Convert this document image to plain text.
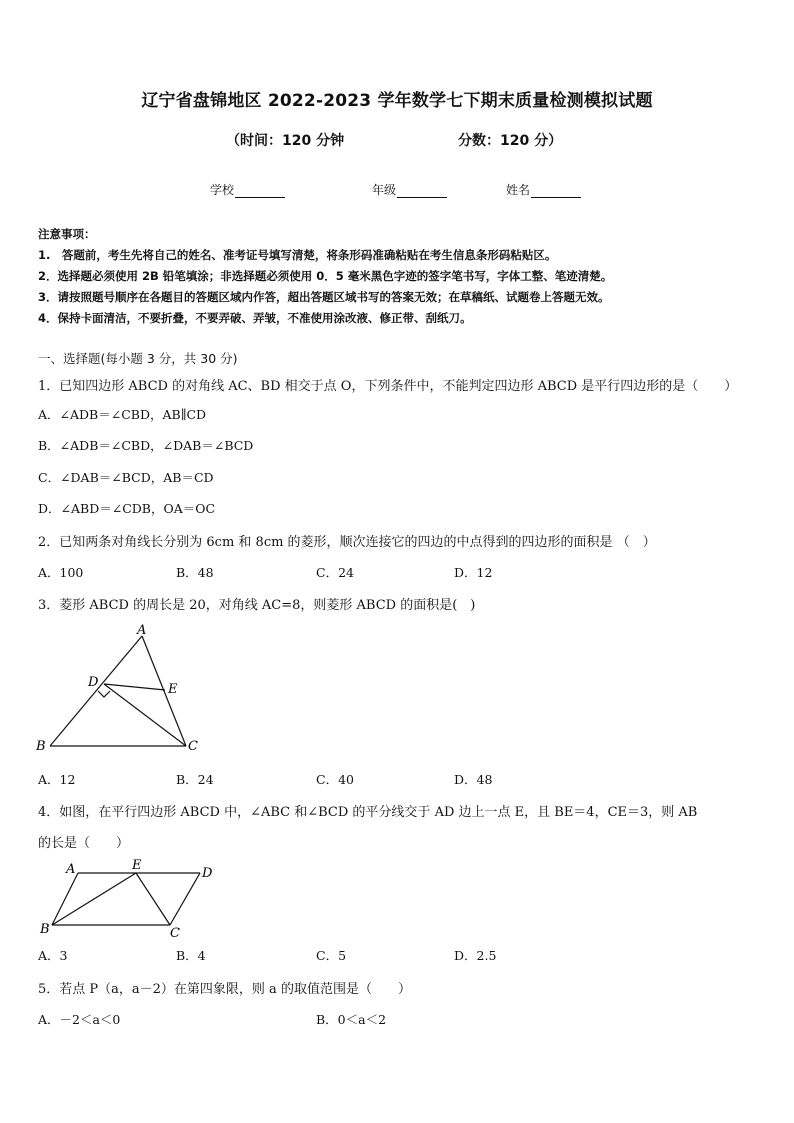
辽宁省盘锦地区 2022-2023 学年数学七下期末质量检测模拟试题
（时间：120 分钟	分数：120 分）
学校	年级	姓名
注意事项：
1.　答题前，考生先将自己的姓名、准考证号填写清楚，将条形码准确粘贴在考生信息条形码粘贴区。
2．选择题必须使用 2B 铅笔填涂；非选择题必须使用 0．5 毫米黑色字迹的签字笔书写，字体工整、笔迹清楚。
3．请按照题号顺序在各题目的答题区域内作答，超出答题区域书写的答案无效；在草稿纸、试题卷上答题无效。
4．保持卡面清洁，不要折叠，不要弄破、弄皱，不准使用涂改液、修正带、刮纸刀。
一、选择题(每小题 3 分，共 30 分)
1．已知四边形 ABCD 的对角线 AC、BD 相交于点 O，下列条件中，不能判定四边形 ABCD 是平行四边形的是（　　）
A．∠ADB＝∠CBD，AB∥CD
B．∠ADB＝∠CBD，∠DAB＝∠BCD
C．∠DAB＝∠BCD，AB＝CD
D．∠ABD＝∠CDB，OA＝OC
2．已知两条对角线长分别为 6cm 和 8cm 的菱形，顺次连接它的四边的中点得到的四边形的面积是 （　）
A．100	B．48	C．24	D．12
3．菱形 ABCD 的周长是 20，对角线 AC=8，则菱形 ABCD 的面积是(　)
A
D	E
B	C
A．12	B．24	C．40	D．48
4．如图，在平行四边形 ABCD 中，∠ABC 和∠BCD 的平分线交于 AD 边上一点 E，且 BE＝4，CE＝3，则 AB
的长是（　　）
A	E
D
B	C
A．3	B．4	C．5	D．2.5
5．若点 P（a，a－2）在第四象限，则 a 的取值范围是（　　）
A．－2＜a＜0	B．0＜a＜2
